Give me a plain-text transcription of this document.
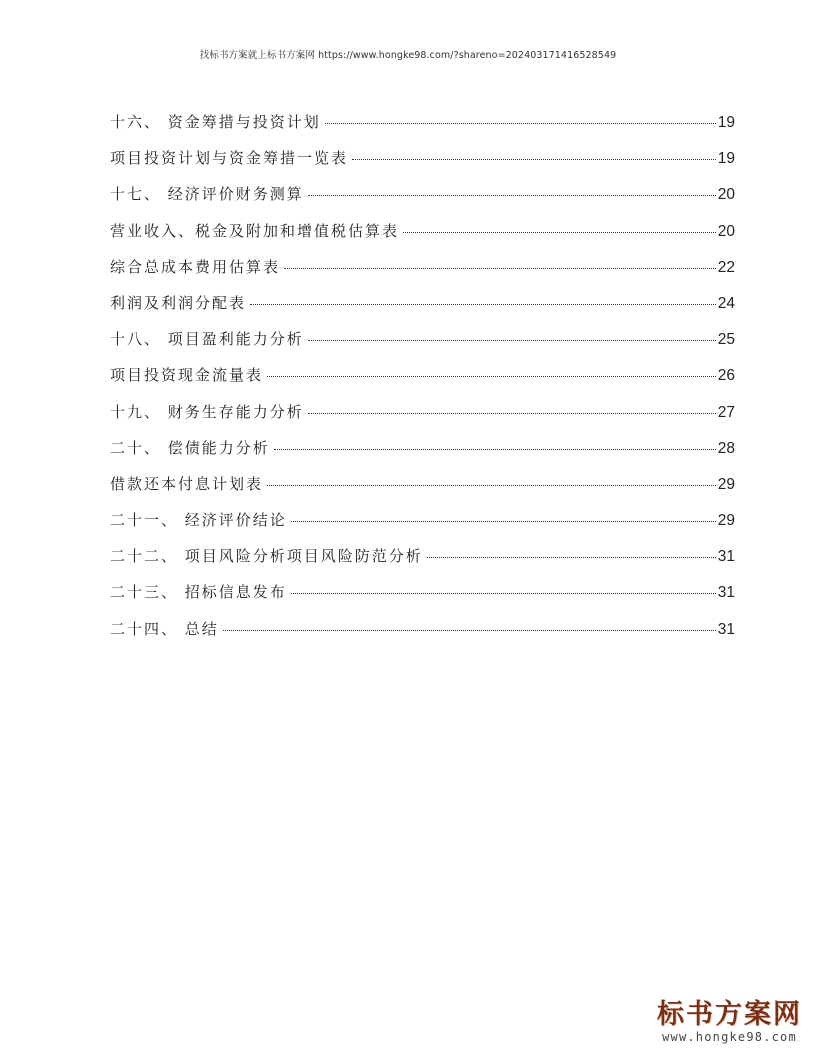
找标书方案就上标书方案网 https://www.hongke98.com/?shareno=202403171416528549
十六、 资金筹措与投资计划	19
项目投资计划与资金筹措一览表	19
十七、 经济评价财务测算	20
营业收入、税金及附加和增值税估算表	20
综合总成本费用估算表	22
利润及利润分配表	24
十八、 项目盈利能力分析	25
项目投资现金流量表	26
十九、 财务生存能力分析	27
二十、 偿债能力分析	28
借款还本付息计划表	29
二十一、 经济评价结论	29
二十二、 项目风险分析项目风险防范分析	31
二十三、 招标信息发布	31
二十四、 总结	31
标书方案网
www.hongke98.com
